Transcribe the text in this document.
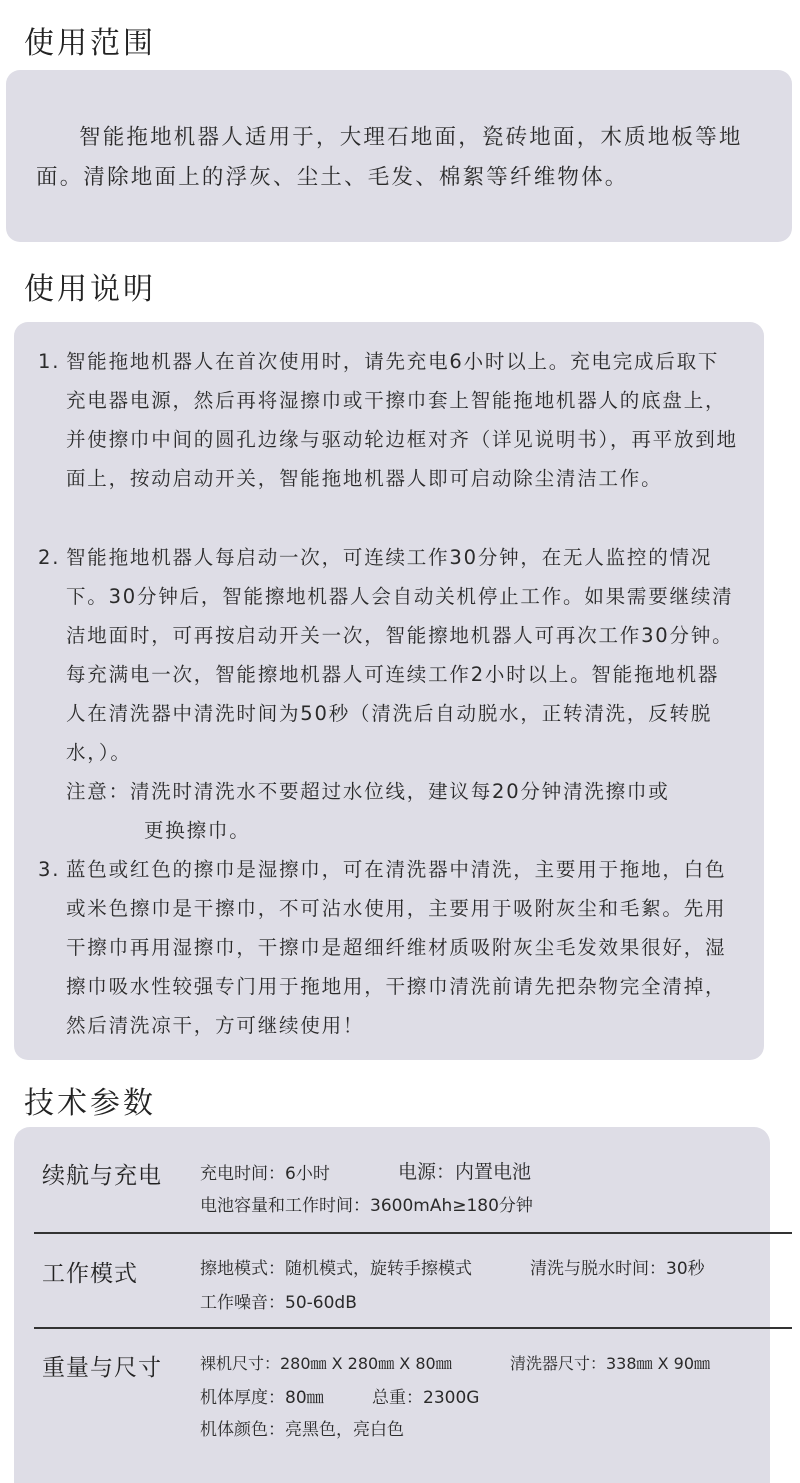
使用范围
智能拖地机器人适用于，大理石地面，瓷砖地面，木质地板等地面。清除地面上的浮灰、尘土、毛发、棉絮等纤维物体。
使用说明
1. 智能拖地机器人在首次使用时，请先充电6小时以上。充电完成后取下充电器电源，然后再将湿擦巾或干擦巾套上智能拖地机器人的底盘上，并使擦巾中间的圆孔边缘与驱动轮边框对齐（详见说明书），再平放到地面上，按动启动开关，智能拖地机器人即可启动除尘清洁工作。
2. 智能拖地机器人每启动一次，可连续工作30分钟，在无人监控的情况下。30分钟后，智能擦地机器人会自动关机停止工作。如果需要继续清洁地面时，可再按启动开关一次，智能擦地机器人可再次工作30分钟。每充满电一次，智能擦地机器人可连续工作2小时以上。智能拖地机器人在清洗器中清洗时间为50秒（清洗后自动脱水，正转清洗，反转脱水，）。
注意：清洗时清洗水不要超过水位线，建议每20分钟清洗擦巾或
更换擦巾。
3. 蓝色或红色的擦巾是湿擦巾，可在清洗器中清洗，主要用于拖地，白色或米色擦巾是干擦巾，不可沾水使用，主要用于吸附灰尘和毛絮。先用干擦巾再用湿擦巾，干擦巾是超细纤维材质吸附灰尘毛发效果很好，湿擦巾吸水性较强专门用于拖地用，干擦巾清洗前请先把杂物完全清掉，然后清洗凉干，方可继续使用！
技术参数
续航与充电 充电时间：6小时	电源：内置电池
电池容量和工作时间：3600mAh≥180分钟
工作模式	擦地模式：随机模式，旋转手擦模式	清洗与脱水时间：30秒
工作噪音：50-60dB
重量与尺寸 裸机尺寸：280㎜ X 280㎜ X 80㎜	清洗器尺寸：338㎜ X 90㎜
机体厚度：80㎜	总重：2300G
机体颜色：亮黑色，亮白色
